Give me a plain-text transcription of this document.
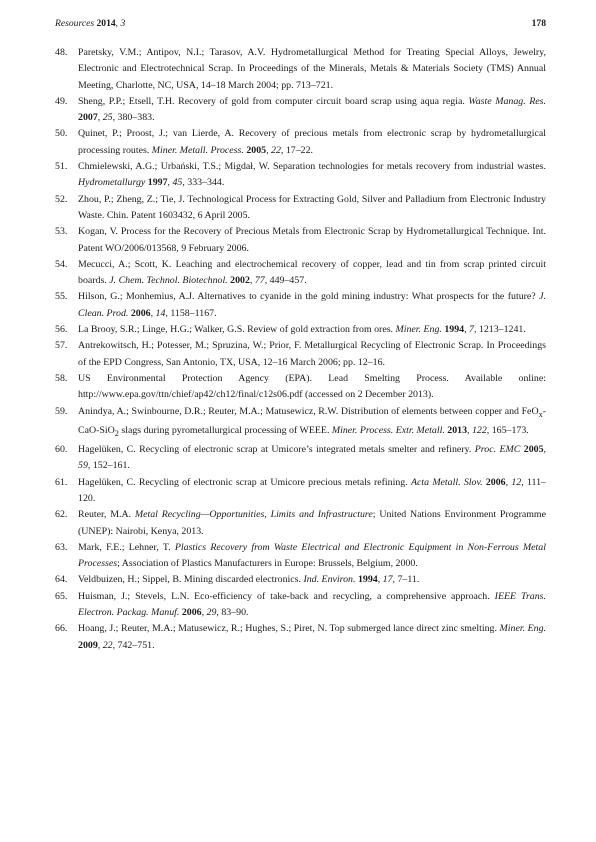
Resources 2014, 3	178
48.	Paretsky, V.M.; Antipov, N.I.; Tarasov, A.V. Hydrometallurgical Method for Treating Special Alloys, Jewelry, Electronic and Electrotechnical Scrap. In Proceedings of the Minerals, Metals & Materials Society (TMS) Annual Meeting, Charlotte, NC, USA, 14–18 March 2004; pp. 713–721.
49.	Sheng, P.P.; Etsell, T.H. Recovery of gold from computer circuit board scrap using aqua regia. Waste Manag. Res. 2007, 25, 380–383.
50.	Quinet, P.; Proost, J.; van Lierde, A. Recovery of precious metals from electronic scrap by hydrometallurgical processing routes. Miner. Metall. Process. 2005, 22, 17–22.
51.	Chmielewski, A.G.; Urbański, T.S.; Migdał, W. Separation technologies for metals recovery from industrial wastes. Hydrometallurgy 1997, 45, 333–344.
52.	Zhou, P.; Zheng, Z.; Tie, J. Technological Process for Extracting Gold, Silver and Palladium from Electronic Industry Waste. Chin. Patent 1603432, 6 April 2005.
53.	Kogan, V. Process for the Recovery of Precious Metals from Electronic Scrap by Hydrometallurgical Technique. Int. Patent WO/2006/013568, 9 February 2006.
54.	Mecucci, A.; Scott, K. Leaching and electrochemical recovery of copper, lead and tin from scrap printed circuit boards. J. Chem. Technol. Biotechnol. 2002, 77, 449–457.
55.	Hilson, G.; Monhemius, A.J. Alternatives to cyanide in the gold mining industry: What prospects for the future? J. Clean. Prod. 2006, 14, 1158–1167.
56.	La Brooy, S.R.; Linge, H.G.; Walker, G.S. Review of gold extraction from ores. Miner. Eng. 1994, 7, 1213–1241.
57.	Antrekowitsch, H.; Potesser, M.; Spruzina, W.; Prior, F. Metallurgical Recycling of Electronic Scrap. In Proceedings of the EPD Congress, San Antonio, TX, USA, 12–16 March 2006; pp. 12–16.
58.	US Environmental Protection Agency (EPA). Lead Smelting Process. Available online: http://www.epa.gov/ttn/chief/ap42/ch12/final/c12s06.pdf (accessed on 2 December 2013).
59.	Anindya, A.; Swinbourne, D.R.; Reuter, M.A.; Matusewicz, R.W. Distribution of elements between copper and FeO$_x$-CaO-SiO$_2$ slags during pyrometallurgical processing of WEEE. Miner. Process. Extr. Metall. 2013, 122, 165–173.
60.	Hagelüken, C. Recycling of electronic scrap at Umicore’s integrated metals smelter and refinery. Proc. EMC 2005, 59, 152–161.
61.	Hagelüken, C. Recycling of electronic scrap at Umicore precious metals refining. Acta Metall. Slov. 2006, 12, 111–120.
62.	Reuter, M.A. Metal Recycling—Opportunities, Limits and Infrastructure; United Nations Environment Programme (UNEP): Nairobi, Kenya, 2013.
63.	Mark, F.E.; Lehner, T. Plastics Recovery from Waste Electrical and Electronic Equipment in Non-Ferrous Metal Processes; Association of Plastics Manufacturers in Europe: Brussels, Belgium, 2000.
64.	Veldbuizen, H.; Sippel, B. Mining discarded electronics. Ind. Environ. 1994, 17, 7–11.
65.	Huisman, J.; Stevels, L.N. Eco-efficiency of take-back and recycling, a comprehensive approach. IEEE Trans. Electron. Packag. Manuf. 2006, 29, 83–90.
66.	Hoang, J.; Reuter, M.A.; Matusewicz, R.; Hughes, S.; Piret, N. Top submerged lance direct zinc smelting. Miner. Eng. 2009, 22, 742–751.
